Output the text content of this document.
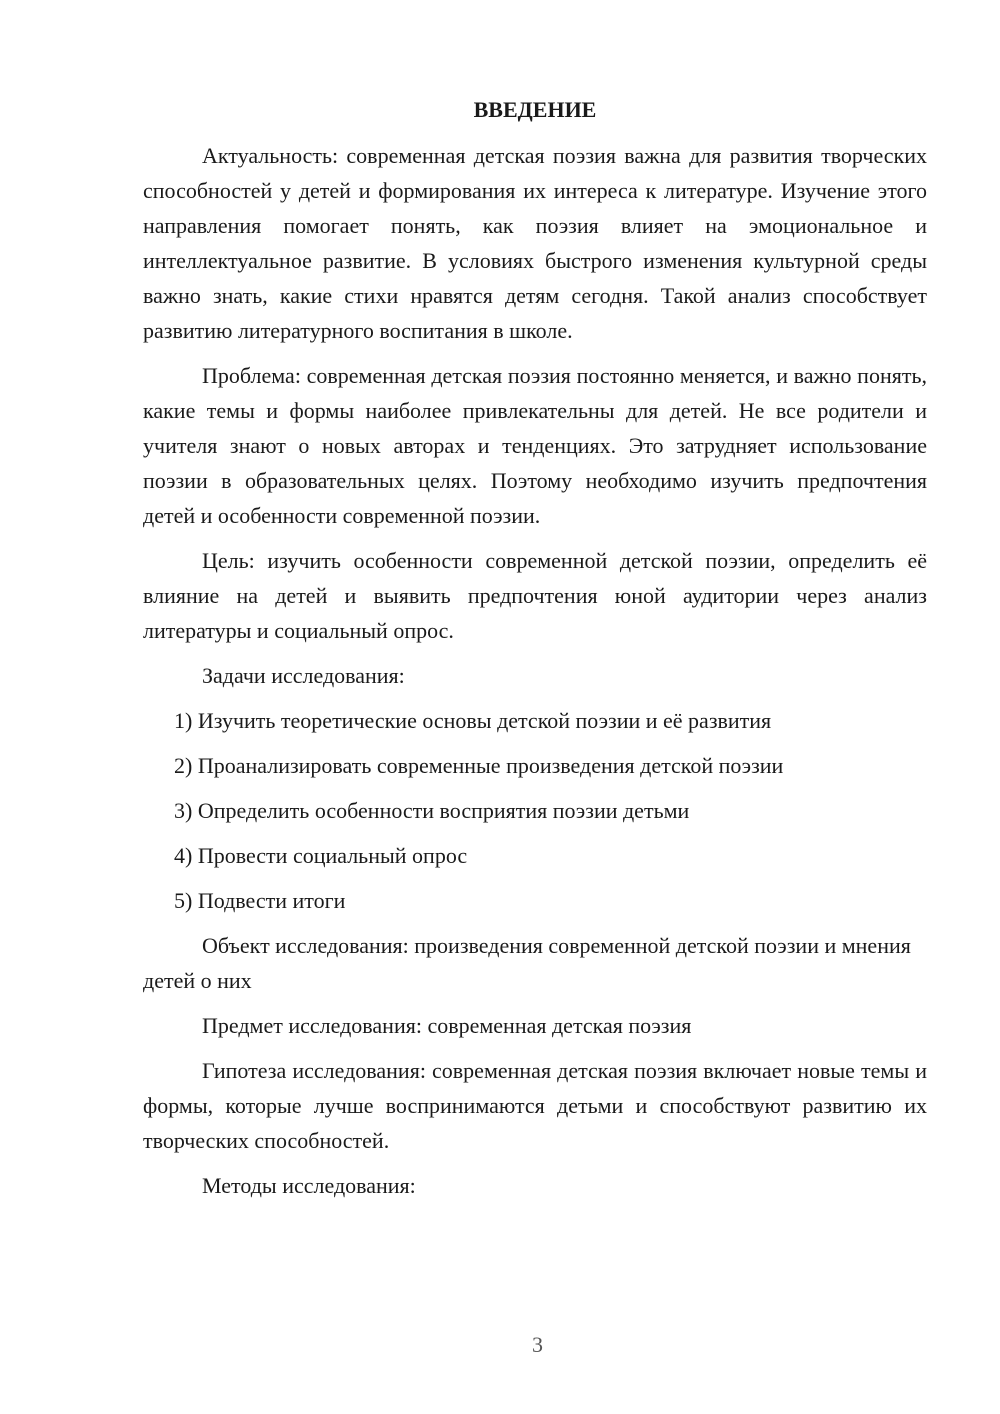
ВВЕДЕНИЕ

Актуальность: современная детская поэзия важна для развития творческих способностей у детей и формирования их интереса к литературе. Изучение этого направления помогает понять, как поэзия влияет на эмоциональное и интеллектуальное развитие. В условиях быстрого изменения культурной среды важно знать, какие стихи нравятся детям сегодня. Такой анализ способствует развитию литературного воспитания в школе.

Проблема: современная детская поэзия постоянно меняется, и важно понять, какие темы и формы наиболее привлекательны для детей. Не все родители и учителя знают о новых авторах и тенденциях. Это затрудняет использование поэзии в образовательных целях. Поэтому необходимо изучить предпочтения детей и особенности современной поэзии.

Цель: изучить особенности современной детской поэзии, определить её влияние на детей и выявить предпочтения юной аудитории через анализ литературы и социальный опрос.

Задачи исследования:

1) Изучить теоретические основы детской поэзии и её развития

2) Проанализировать современные произведения детской поэзии

3) Определить особенности восприятия поэзии детьми

4) Провести социальный опрос

5) Подвести итоги

Объект исследования: произведения современной детской поэзии и мнения детей о них

Предмет исследования: современная детская поэзия

Гипотеза исследования: современная детская поэзия включает новые темы и формы, которые лучше воспринимаются детьми и способствуют развитию их творческих способностей.

Методы исследования:

3
